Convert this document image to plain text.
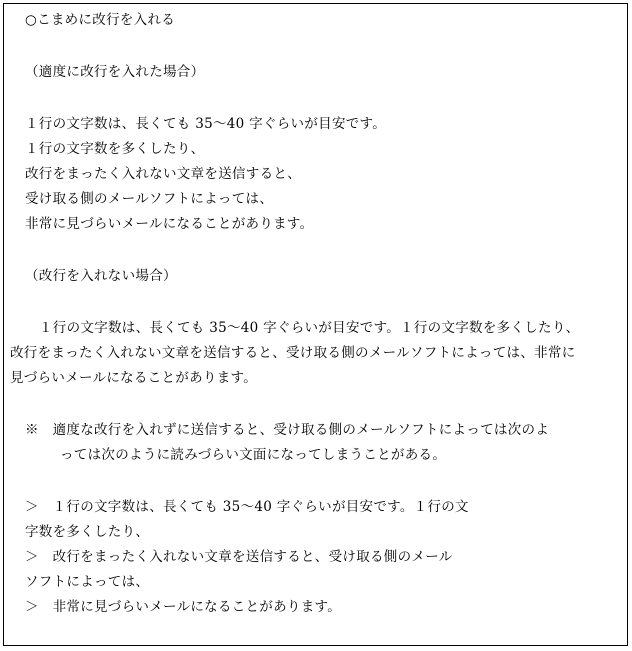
○こまめに改行を入れる
（適度に改行を入れた場合）
１行の文字数は、長くても 35～40 字ぐらいが目安です。
１行の文字数を多くしたり、
改行をまったく入れない文章を送信すると、
受け取る側のメールソフトによっては、
非常に見づらいメールになることがあります。
（改行を入れない場合）
１行の文字数は、長くても 35～40 字ぐらいが目安です。１行の文字数を多くしたり、
改行をまったく入れない文章を送信すると、受け取る側のメールソフトによっては、非常に
見づらいメールになることがあります。
※　適度な改行を入れずに送信すると、受け取る側のメールソフトによっては次のよ
っては次のように読みづらい文面になってしまうことがある。
＞　１行の文字数は、長くても 35～40 字ぐらいが目安です。１行の文
字数を多くしたり、
＞　改行をまったく入れない文章を送信すると、受け取る側のメール
ソフトによっては、
＞　非常に見づらいメールになることがあります。
